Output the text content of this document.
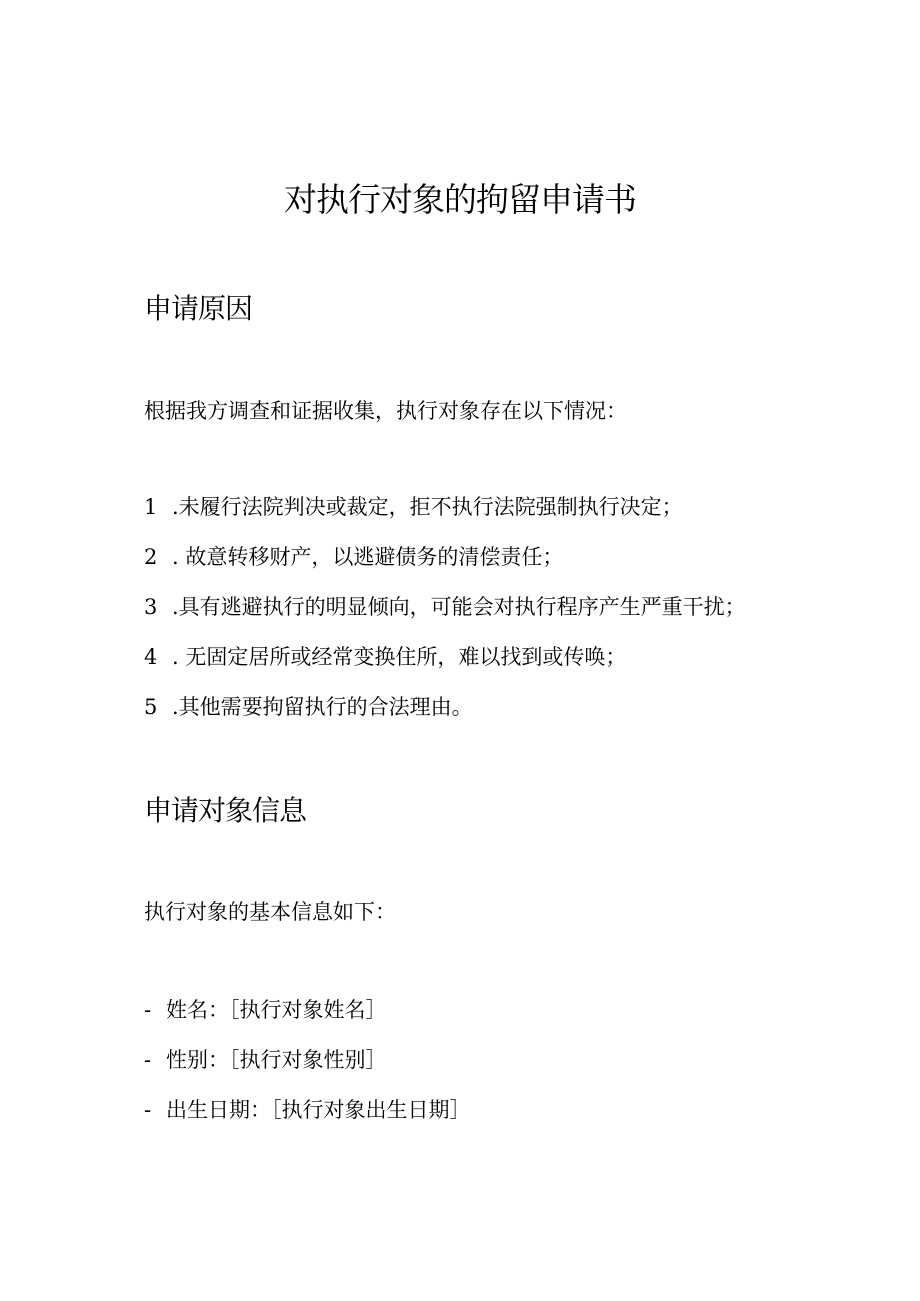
对执行对象的拘留申请书
申请原因

根据我方调查和证据收集，执行对象存在以下情况：

1 .未履行法院判决或裁定，拒不执行法院强制执行决定；

2 . 故意转移财产，以逃避债务的清偿责任；

3 .具有逃避执行的明显倾向，可能会对执行程序产生严重干扰；

4 . 无固定居所或经常变换住所，难以找到或传唤；

5 .其他需要拘留执行的合法理由。

申请对象信息

执行对象的基本信息如下：

- 姓名：［执行对象姓名］

- 性别：［执行对象性别］

- 出生日期：［执行对象出生日期］
